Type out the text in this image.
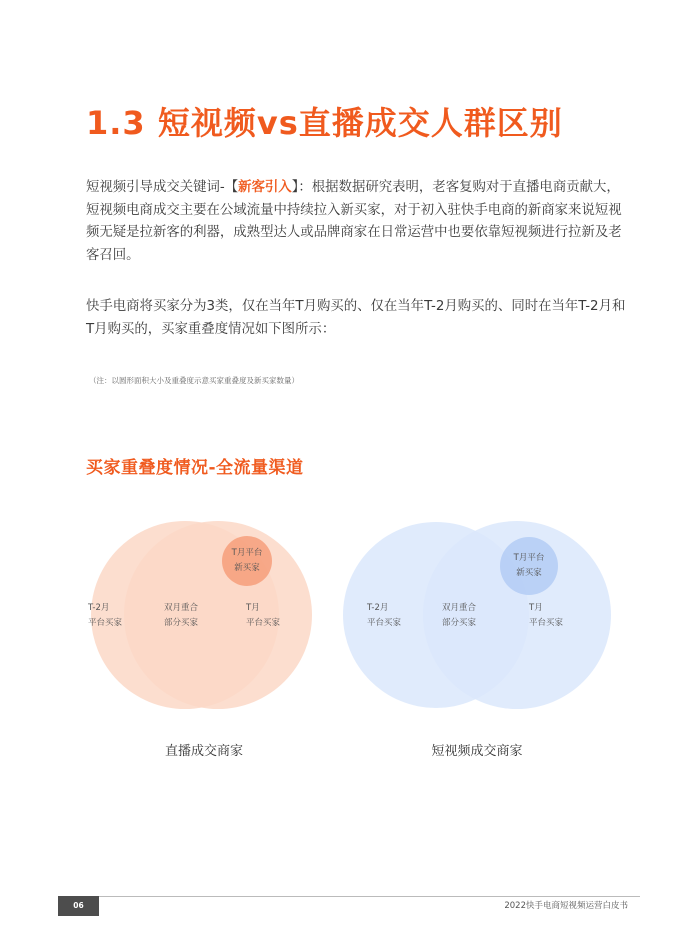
1.3 短视频vs直播成交人群区别

短视频引导成交关键词-【新客引入】：根据数据研究表明，老客复购对于直播电商贡献大，短视频电商成交主要在公域流量中持续拉入新买家，对于初入驻快手电商的新商家来说短视频无疑是拉新客的利器，成熟型达人或品牌商家在日常运营中也要依靠短视频进行拉新及老客召回。

快手电商将买家分为3类，仅在当年T月购买的、仅在当年T-2月购买的、同时在当年T-2月和T月购买的，买家重叠度情况如下图所示：

（注：以圆形面积大小及重叠度示意买家重叠度及新买家数量）

买家重叠度情况-全流量渠道
T月平台
新买家
T-2月
平台买家
双月重合
部分买家
T月
平台买家
T月平台
新买家
T-2月
平台买家
双月重合
部分买家
T月
平台买家

直播成交商家	短视频成交商家

06	2022快手电商短视频运营白皮书
